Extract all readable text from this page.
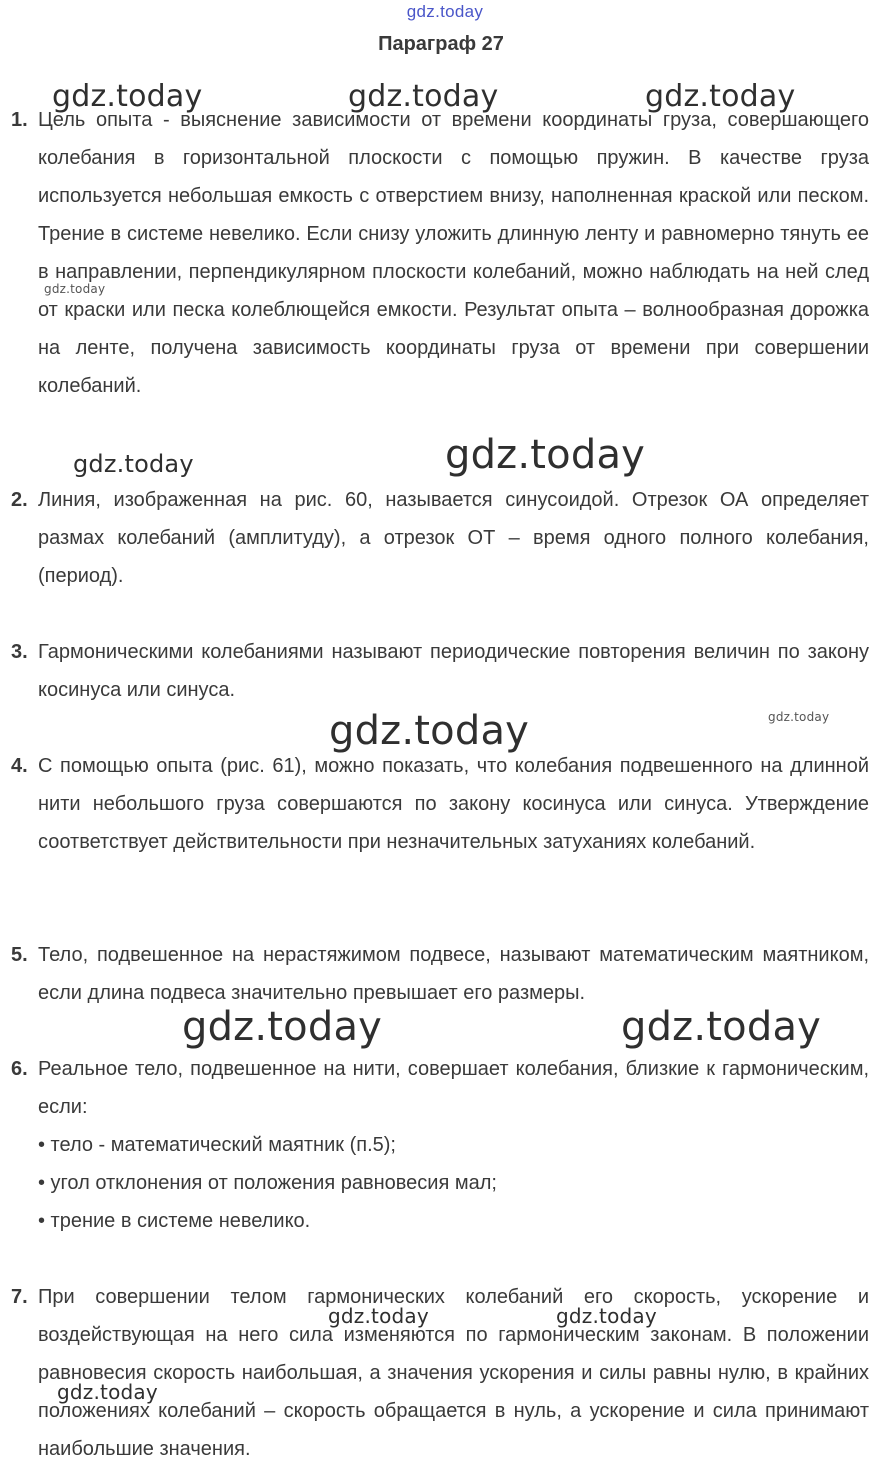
gdz.today
Параграф 27
1. Цель опыта - выяснение зависимости от времени координаты груза, совершающего колебания в горизонтальной плоскости с помощью пружин. В качестве груза используется небольшая емкость с отверстием внизу, наполненная краской или песком. Трение в системе невелико. Если снизу уложить длинную ленту и равномерно тянуть ее в направлении, перпендикулярном плоскости колебаний, можно наблюдать на ней след от краски или песка колеблющейся емкости. Результат опыта – волнообразная дорожка на ленте, получена зависимость координаты груза от времени при совершении колебаний.

2. Линия, изображенная на рис. 60, называется синусоидой. Отрезок ОА определяет размах колебаний (амплитуду), а отрезок ОТ – время одного полного колебания, (период).

3. Гармоническими колебаниями называют периодические повторения величин по закону косинуса или синуса.

4. С помощью опыта (рис. 61), можно показать, что колебания подвешенного на длинной нити небольшого груза совершаются по закону косинуса или синуса. Утверждение соответствует действительности при незначительных затуханиях колебаний.

5. Тело, подвешенное на нерастяжимом подвесе, называют математическим маятником, если длина подвеса значительно превышает его размеры.

6. Реальное тело, подвешенное на нити, совершает колебания, близкие к гармоническим, если:

• тело - математический маятник (п.5);
• угол отклонения от положения равновесия мал;
• трение в системе невелико.
7. При совершении телом гармонических колебаний его скорость, ускорение и воздействующая на него сила изменяются по гармоническим законам. В положении равновесия скорость наибольшая, а значения ускорения и силы равны нулю, в крайних положениях колебаний – скорость обращается в нуль, а ускорение и сила принимают наибольшие значения.

gdz.today	gdz.today	gdz.today
gdz.today
gdz.today	gdz.today
gdz.today	gdz.today
gdz.today	gdz.today
gdz.today	gdz.today
gdz.today
